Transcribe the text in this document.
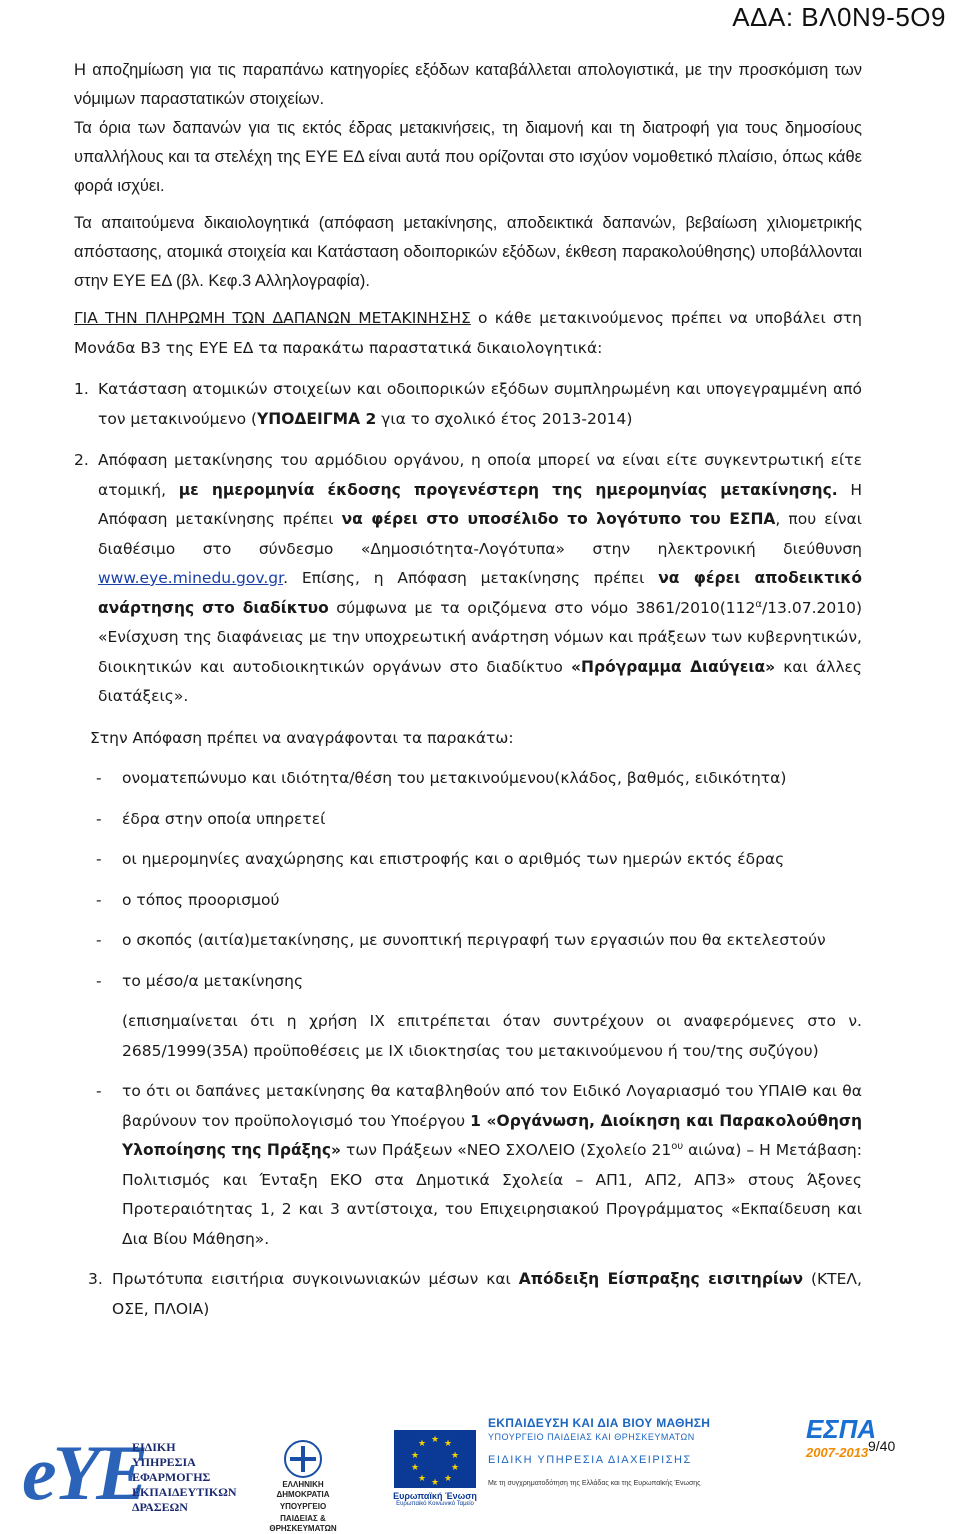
ΑΔΑ: ΒΛ0Ν9-5Ο9

Η αποζημίωση για τις παραπάνω κατηγορίες εξόδων καταβάλλεται απολογιστικά, με την προσκόμιση των νόμιμων παραστατικών στοιχείων.

Τα όρια των δαπανών για τις εκτός έδρας μετακινήσεις, τη διαμονή και τη διατροφή για τους δημοσίους υπαλλήλους και τα στελέχη της ΕΥΕ ΕΔ είναι αυτά που ορίζονται στο ισχύον νομοθετικό πλαίσιο, όπως κάθε φορά ισχύει.

Τα απαιτούμενα δικαιολογητικά (απόφαση μετακίνησης, αποδεικτικά δαπανών, βεβαίωση χιλιομετρικής απόστασης, ατομικά στοιχεία και Κατάσταση οδοιπορικών εξόδων, έκθεση παρακολούθησης) υποβάλλονται στην ΕΥΕ ΕΔ (βλ. Κεφ.3 Αλληλογραφία).

ΓΙΑ ΤΗΝ ΠΛΗΡΩΜΗ ΤΩΝ ΔΑΠΑΝΩΝ ΜΕΤΑΚΙΝΗΣΗΣ ο κάθε μετακινούμενος πρέπει να υποβάλει στη Μονάδα Β3 της ΕΥΕ ΕΔ τα παρακάτω παραστατικά δικαιολογητικά:

1. Κατάσταση ατομικών στοιχείων και οδοιπορικών εξόδων συμπληρωμένη και υπογεγραμμένη από τον μετακινούμενο (ΥΠΟΔΕΙΓΜΑ 2 για το σχολικό έτος 2013-2014)
2. Απόφαση μετακίνησης του αρμόδιου οργάνου, η οποία μπορεί να είναι είτε συγκεντρωτική είτε ατομική, με ημερομηνία έκδοσης προγενέστερη της ημερομηνίας μετακίνησης. Η Απόφαση μετακίνησης πρέπει να φέρει στο υποσέλιδο το λογότυπο του ΕΣΠΑ, που είναι διαθέσιμο στο σύνδεσμο «Δημοσιότητα-Λογότυπα» στην ηλεκτρονική διεύθυνση www.eye.minedu.gov.gr. Επίσης, η Απόφαση μετακίνησης πρέπει να φέρει αποδεικτικό ανάρτησης στο διαδίκτυο σύμφωνα με τα οριζόμενα στο νόμο $3861/2010(112^\alpha/13.07.2010)$ «Ενίσχυση της διαφάνειας με την υποχρεωτική ανάρτηση νόμων και πράξεων των κυβερνητικών, διοικητικών και αυτοδιοικητικών οργάνων στο διαδίκτυο «Πρόγραμμα Διαύγεια» και άλλες διατάξεις».

Στην Απόφαση πρέπει να αναγράφονται τα παρακάτω:

-	ονοματεπώνυμο και ιδιότητα/θέση του μετακινούμενου(κλάδος, βαθμός, ειδικότητα)
-	έδρα στην οποία υπηρετεί
-	οι ημερομηνίες αναχώρησης και επιστροφής και ο αριθμός των ημερών εκτός έδρας
-	ο τόπος προορισμού
-	ο σκοπός (αιτία)μετακίνησης, με συνοπτική περιγραφή των εργασιών που θα εκτελεστούν
-	το μέσο/α μετακίνησης

(επισημαίνεται ότι η χρήση ΙΧ επιτρέπεται όταν συντρέχουν οι αναφερόμενες στο ν. 2685/1999(35Α) προϋποθέσεις με ΙΧ ιδιοκτησίας του μετακινούμενου ή του/της συζύγου)

-	το ότι οι δαπάνες μετακίνησης θα καταβληθούν από τον Ειδικό Λογαριασμό του ΥΠΑΙΘ και θα βαρύνουν τον προϋπολογισμό του Υποέργου 1 «Οργάνωση, Διοίκηση και Παρακολούθηση Υλοποίησης της Πράξης» των Πράξεων «ΝΕΟ ΣΧΟΛΕΙΟ (Σχολείο $21^{o\upsilon}$ αιώνα) – Η Μετάβαση: Πολιτισμός και Ένταξη ΕΚΟ στα Δημοτικά Σχολεία – ΑΠ1, ΑΠ2, ΑΠ3» στους Άξονες Προτεραιότητας 1, 2 και 3 αντίστοιχα, του Επιχειρησιακού Προγράμματος «Εκπαίδευση και Δια Βίου Μάθηση».
3. Πρωτότυπα εισιτήρια συγκοινωνιακών μέσων και Απόδειξη Είσπραξης εισιτηρίων (ΚΤΕΛ, ΟΣΕ, ΠΛΟΙΑ)
eYE
ΕΙΔΙΚΗ
ΥΠΗΡΕΣΙΑ
ΕΦΑΡΜΟΓΗΣ
ΕΚΠΑΙΔΕΥΤΙΚΩΝ
ΔΡΑΣΕΩΝ
ΕΛΛΗΝΙΚΗ ΔΗΜΟΚΡΑΤΙΑ
ΥΠΟΥΡΓΕΙΟ
ΠΑΙΔΕΙΑΣ & ΘΡΗΣΚΕΥΜΑΤΩΝ
★ ★
★
★
★
★
★
★
★
★
Ευρωπαϊκή Ένωση
Ευρωπαϊκό Κοινωνικό Ταμείο
ΕΚΠΑΙΔΕΥΣΗ ΚΑΙ ΔΙΑ ΒΙΟΥ ΜΑΘΗΣΗ
ΥΠΟΥΡΓΕΙΟ ΠΑΙΔΕΙΑΣ ΚΑΙ ΘΡΗΣΚΕΥΜΑΤΩΝ
ΕΙΔΙΚΗ ΥΠΗΡΕΣΙΑ ΔΙΑΧΕΙΡΙΣΗΣ
Με τη συγχρηματοδότηση της Ελλάδας και της Ευρωπαϊκής Ένωσης
ΕΣΠΑ
2007-2013 9/40
